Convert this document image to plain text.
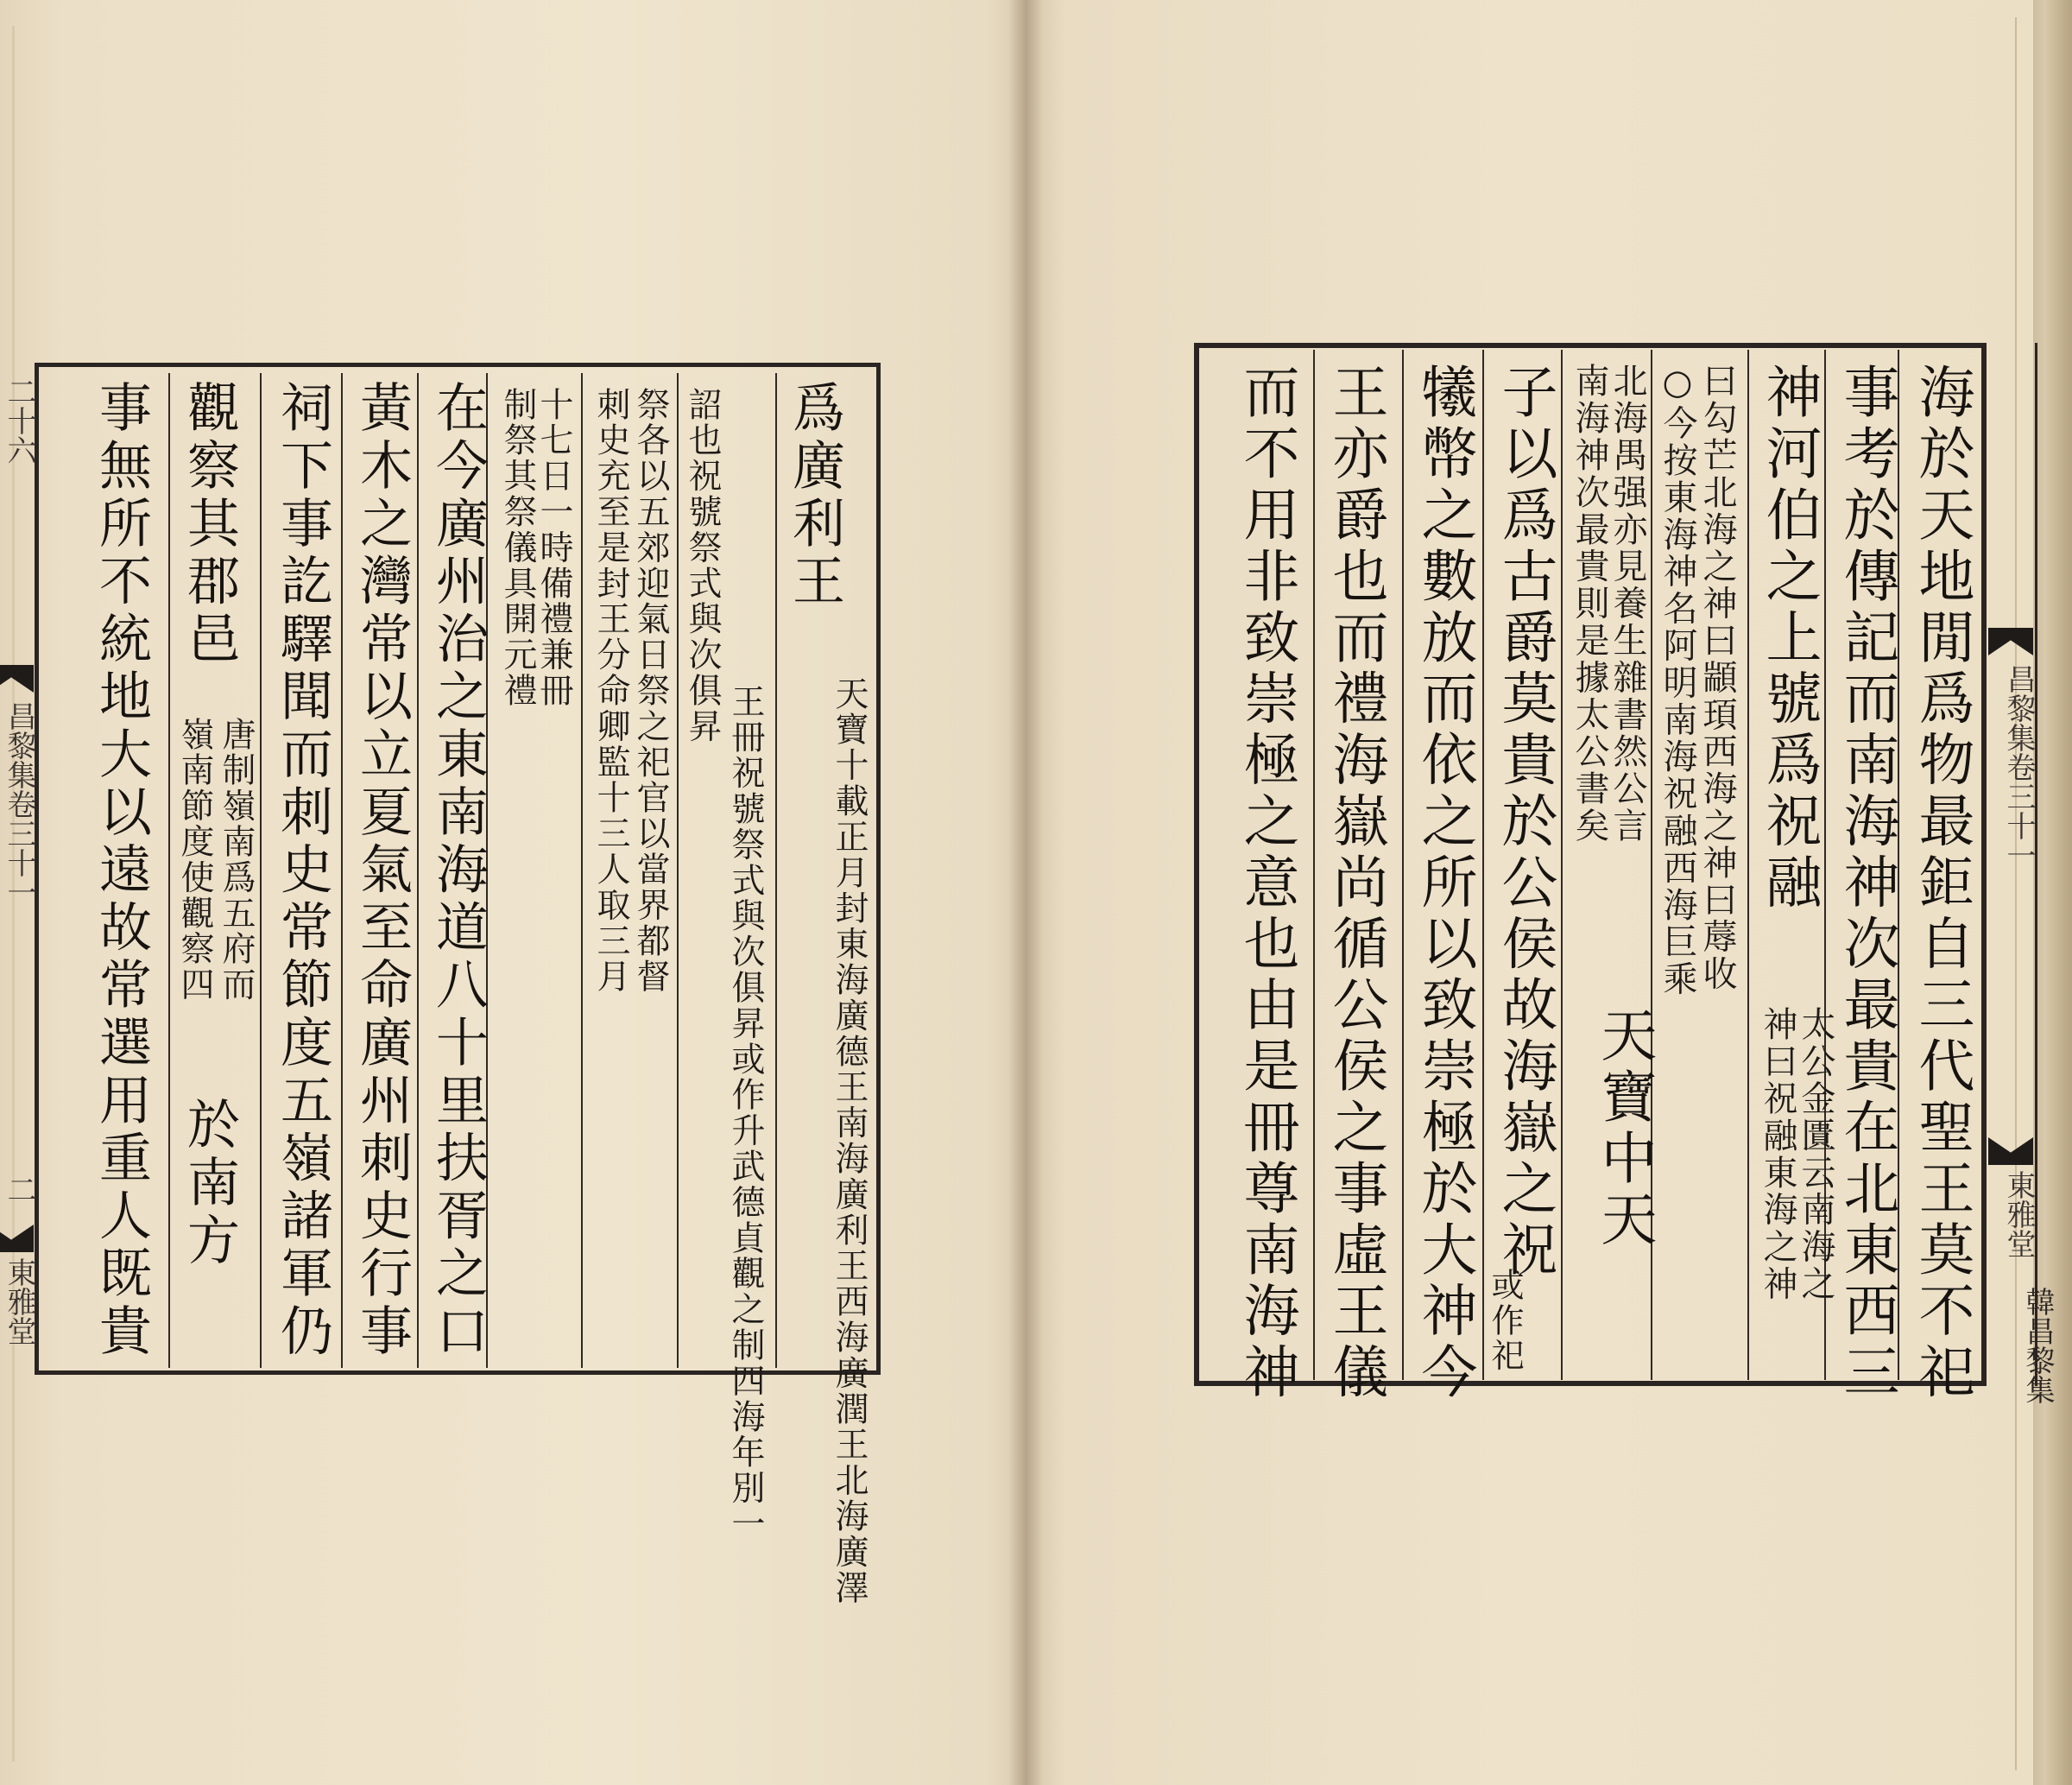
二十六
昌黎集卷三十一
二
東雅堂
爲廣利王
天寶十載正月封東海廣德王南海廣利王西海廣潤王北海廣澤
王冊祝號祭式與次俱昇或作升武德貞觀之制四海年別一
詔也祝號祭式與次俱昇
祭各以五郊迎氣日祭之祀官以當界都督
刺史充至是封王分命卿監十三人取三月
十七日一時備禮兼冊
制祭其祭儀具開元禮
在今廣州治之東南海道八十里扶胥之口
黃木之灣常以立夏氣至命廣州刺史行事
祠下事訖驛聞而刺史常節度五嶺諸軍仍
觀察其郡邑
唐制嶺南爲五府而
嶺南節度使觀察四
於南方
事無所不統地大以遠故常選用重人既貴	昌黎集卷三十一
東雅堂
韓昌黎集
海於天地閒爲物最鉅自三代聖王莫不祀
事考於傳記而南海神次最貴在北東西三
神河伯之上號爲祝融
太公金匱云南海之
神曰祝融東海之神
曰勾芒北海之神曰顓頊西海之神曰蓐收
○今按東海神名阿明南海祝融西海巨乘
北海禺强亦見養生雜書然公言
南海神次最貴則是據太公書矣
天寶中天
子以爲古爵莫貴於公侯故海嶽之祝
或作祀
犧幣之數放而依之所以致崇極於大神今
王亦爵也而禮海嶽尚循公侯之事虛王儀
而不用非致崇極之意也由是冊尊南海神
